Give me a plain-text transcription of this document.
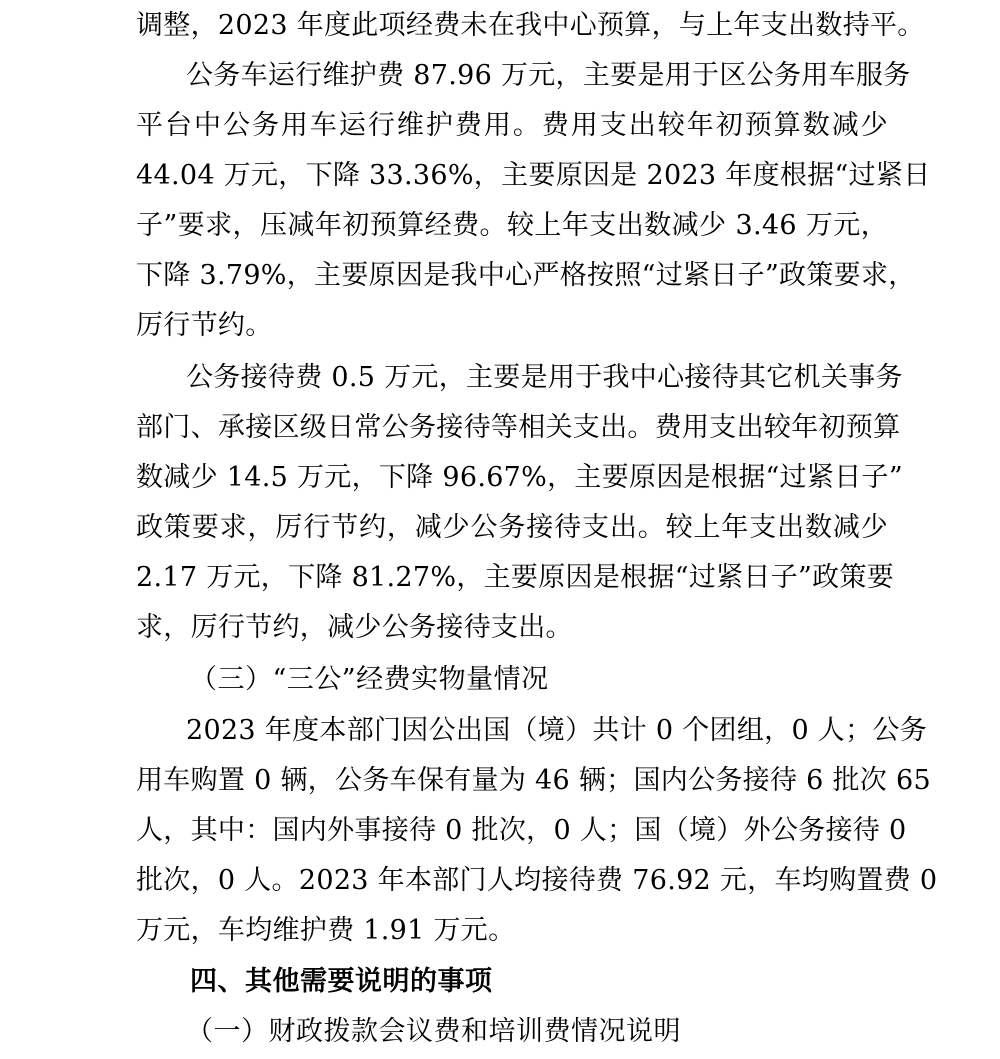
调整，2023 年度此项经费未在我中心预算，与上年支出数持平。
公务车运行维护费 87.96 万元，主要是用于区公务用车服务
平台中公务用车运行维护费用。费用支出较年初预算数减少
44.04 万元，下降 33.36%，主要原因是 2023 年度根据“过紧日
子”要求，压减年初预算经费。较上年支出数减少 3.46 万元，
下降 3.79%，主要原因是我中心严格按照“过紧日子”政策要求，
厉行节约。
公务接待费 0.5 万元，主要是用于我中心接待其它机关事务
部门、承接区级日常公务接待等相关支出。费用支出较年初预算
数减少 14.5 万元，下降 96.67%，主要原因是根据“过紧日子”
政策要求，厉行节约，减少公务接待支出。较上年支出数减少
2.17 万元，下降 81.27%，主要原因是根据“过紧日子”政策要
求，厉行节约，减少公务接待支出。
（三）“三公”经费实物量情况
2023 年度本部门因公出国（境）共计 0 个团组，0 人；公务
用车购置 0 辆，公务车保有量为 46 辆；国内公务接待 6 批次 65
人，其中：国内外事接待 0 批次，0 人；国（境）外公务接待 0
批次，0 人。2023 年本部门人均接待费 76.92 元，车均购置费 0
万元，车均维护费 1.91 万元。
四、其他需要说明的事项
（一）财政拨款会议费和培训费情况说明
